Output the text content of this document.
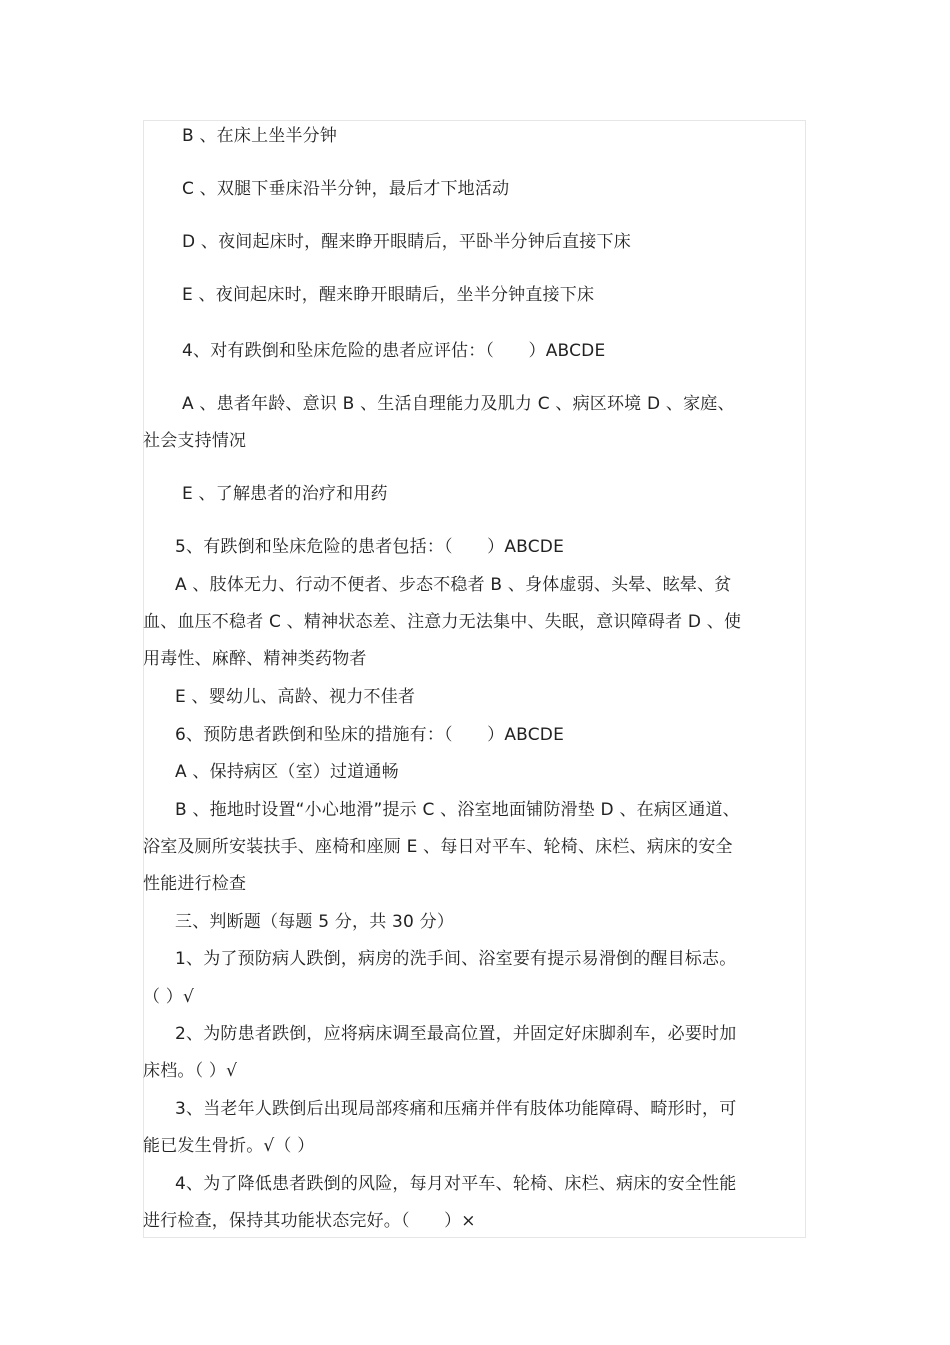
B 、在床上坐半分钟
C 、双腿下垂床沿半分钟，最后才下地活动
D 、夜间起床时，醒来睁开眼睛后，平卧半分钟后直接下床
E 、夜间起床时，醒来睁开眼睛后，坐半分钟直接下床
4、对有跌倒和坠床危险的患者应评估：（　　）ABCDE
A 、患者年龄、意识 B 、生活自理能力及肌力 C 、病区环境 D 、家庭、
社会支持情况
E 、了解患者的治疗和用药
5、有跌倒和坠床危险的患者包括：（　　）ABCDE
A 、肢体无力、行动不便者、步态不稳者 B 、身体虚弱、头晕、眩晕、贫
血、血压不稳者 C 、精神状态差、注意力无法集中、失眠，意识障碍者 D 、使
用毒性、麻醉、精神类药物者
E 、婴幼儿、高龄、视力不佳者
6、预防患者跌倒和坠床的措施有：（　　）ABCDE
A 、保持病区（室）过道通畅
B 、拖地时设置“小心地滑”提示 C 、浴室地面铺防滑垫 D 、在病区通道、
浴室及厕所安装扶手、座椅和座厕 E 、每日对平车、轮椅、床栏、病床的安全
性能进行检查
三、判断题（每题 5 分，共 30 分）
1、为了预防病人跌倒，病房的洗手间、浴室要有提示易滑倒的醒目标志。
（ ）√
2、为防患者跌倒，应将病床调至最高位置，并固定好床脚刹车，必要时加
床档。（ ）√
3、当老年人跌倒后出现局部疼痛和压痛并伴有肢体功能障碍、畸形时，可
能已发生骨折。√（ ）
4、为了降低患者跌倒的风险，每月对平车、轮椅、床栏、病床的安全性能
进行检查，保持其功能状态完好。（　　）×
